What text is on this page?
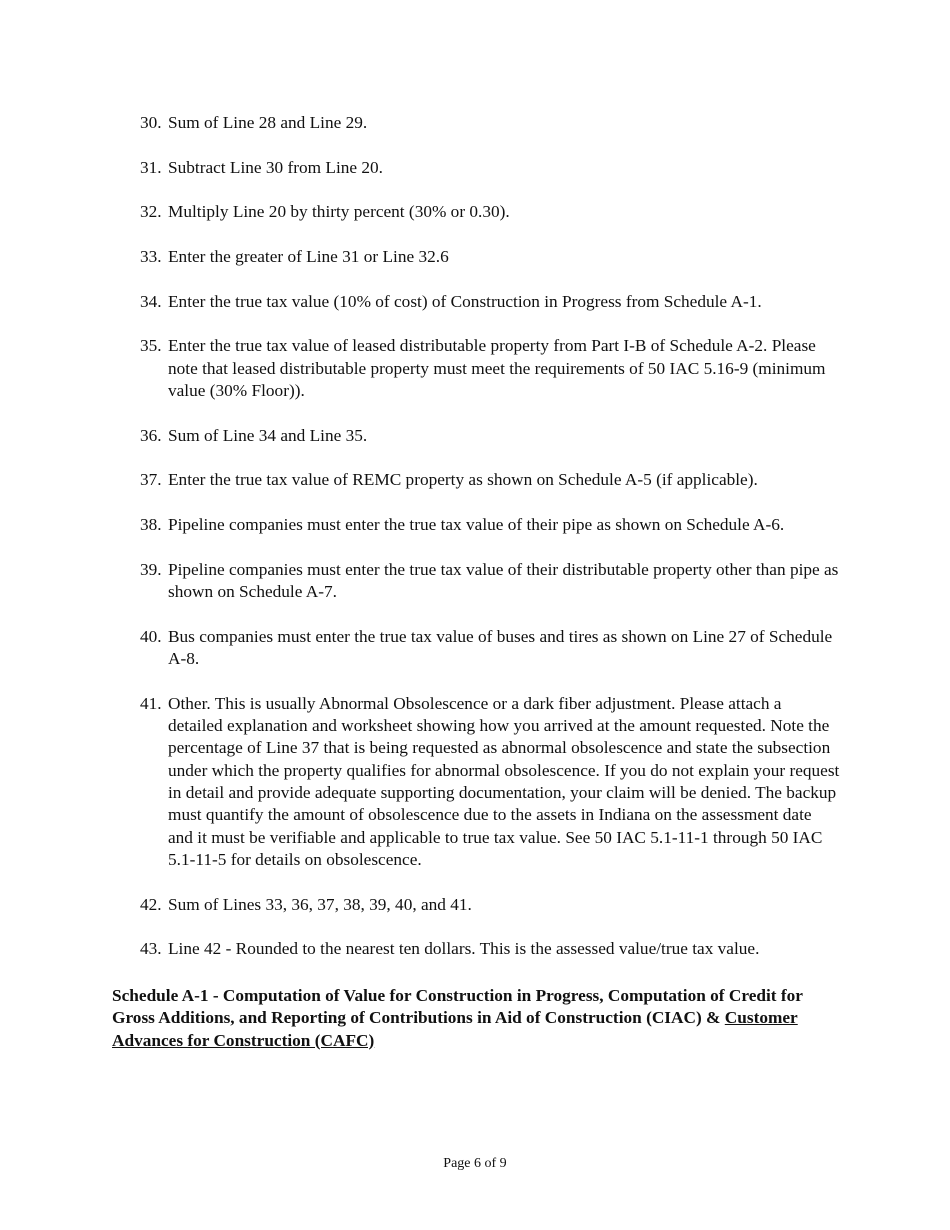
30. Sum of Line 28 and Line 29.
31. Subtract Line 30 from Line 20.
32. Multiply Line 20 by thirty percent (30% or 0.30).
33. Enter the greater of Line 31 or Line 32.6
34. Enter the true tax value (10% of cost) of Construction in Progress from Schedule A-1.
35. Enter the true tax value of leased distributable property from Part I-B of Schedule A-2. Please note that leased distributable property must meet the requirements of 50 IAC 5.16-9 (minimum value (30% Floor)).
36. Sum of Line 34 and Line 35.
37. Enter the true tax value of REMC property as shown on Schedule A-5 (if applicable).
38. Pipeline companies must enter the true tax value of their pipe as shown on Schedule A-6.
39. Pipeline companies must enter the true tax value of their distributable property other than pipe as shown on Schedule A-7.
40. Bus companies must enter the true tax value of buses and tires as shown on Line 27 of Schedule A-8.
41. Other. This is usually Abnormal Obsolescence or a dark fiber adjustment. Please attach a detailed explanation and worksheet showing how you arrived at the amount requested. Note the percentage of Line 37 that is being requested as abnormal obsolescence and state the subsection under which the property qualifies for abnormal obsolescence. If you do not explain your request in detail and provide adequate supporting documentation, your claim will be denied. The backup must quantify the amount of obsolescence due to the assets in Indiana on the assessment date and it must be verifiable and applicable to true tax value. See 50 IAC 5.1-11-1 through 50 IAC 5.1-11-5 for details on obsolescence.
42. Sum of Lines 33, 36, 37, 38, 39, 40, and 41.
43. Line 42 - Rounded to the nearest ten dollars. This is the assessed value/true tax value.

Schedule A-1 - Computation of Value for Construction in Progress, Computation of Credit for Gross Additions, and Reporting of Contributions in Aid of Construction (CIAC) & Customer Advances for Construction (CAFC)

Page 6 of 9
